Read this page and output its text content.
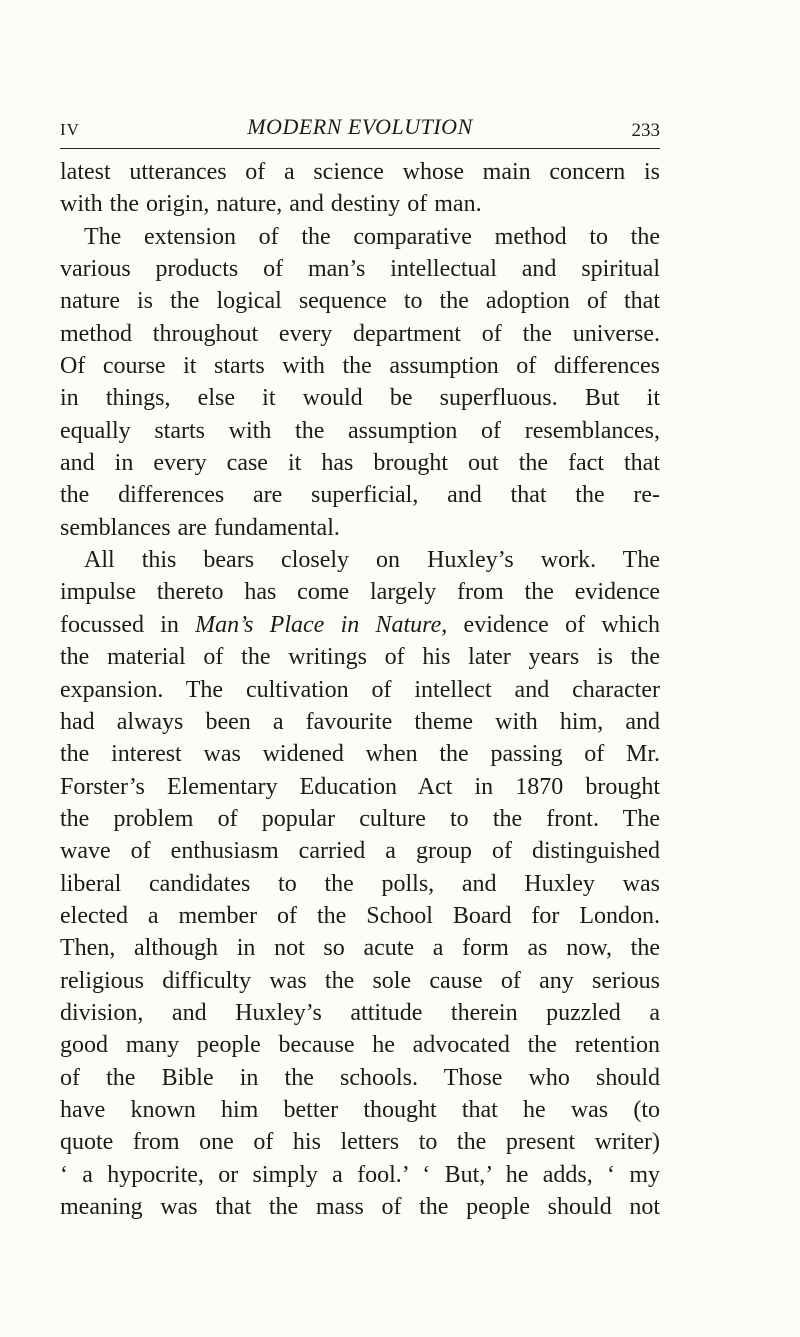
IV	MODERN EVOLUTION	233
latest utterances of a science whose main concern is
with the origin, nature, and destiny of man.
The extension of the comparative method to the
various products of man’s intellectual and spiritual
nature is the logical sequence to the adoption of that
method throughout every department of the universe.
Of course it starts with the assumption of differences
in things, else it would be superfluous. But it
equally starts with the assumption of resemblances,
and in every case it has brought out the fact that
the differences are superficial, and that the re-
semblances are fundamental.
All this bears closely on Huxley’s work. The
impulse thereto has come largely from the evidence
focussed in Man’s Place in Nature, evidence of which
the material of the writings of his later years is the
expansion. The cultivation of intellect and character
had always been a favourite theme with him, and
the interest was widened when the passing of Mr.
Forster’s Elementary Education Act in 1870 brought
the problem of popular culture to the front. The
wave of enthusiasm carried a group of distinguished
liberal candidates to the polls, and Huxley was
elected a member of the School Board for London.
Then, although in not so acute a form as now, the
religious difficulty was the sole cause of any serious
division, and Huxley’s attitude therein puzzled a
good many people because he advocated the retention
of the Bible in the schools. Those who should
have known him better thought that he was (to
quote from one of his letters to the present writer)
‘ a hypocrite, or simply a fool.’ ‘ But,’ he adds, ‘ my
meaning was that the mass of the people should not
